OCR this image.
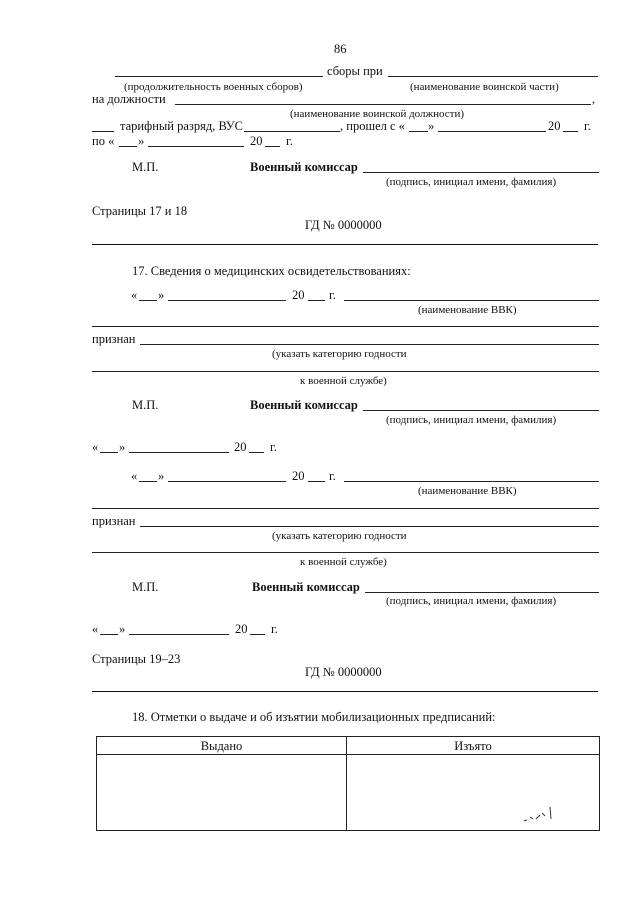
86
сборы при
(продолжительность военных сборов)	(наименование воинской части)
на должности	,
(наименование воинской должности)
тарифный разряд, ВУС	, прошел с « »	20 г.
по « »	20 г.
М.П.	Военный комиссар
(подпись, инициал имени, фамилия)
Страницы 17 и 18
ГД № 0000000
17. Сведения о медицинских освидетельствованиях:
« »	20 г.
(наименование ВВК)
признан
(указать категорию годности
к военной службе)
М.П.	Военный комиссар
(подпись, инициал имени, фамилия)
« »	20 г.
« »	20 г.
(наименование ВВК)
признан
(указать категорию годности
к военной службе)
М.П.	Военный комиссар
(подпись, инициал имени, фамилия)
« »	20 г.
Страницы 19–23
ГД № 0000000
18. Отметки о выдаче и об изъятии мобилизационных предписаний:
Выдано	Изъято
